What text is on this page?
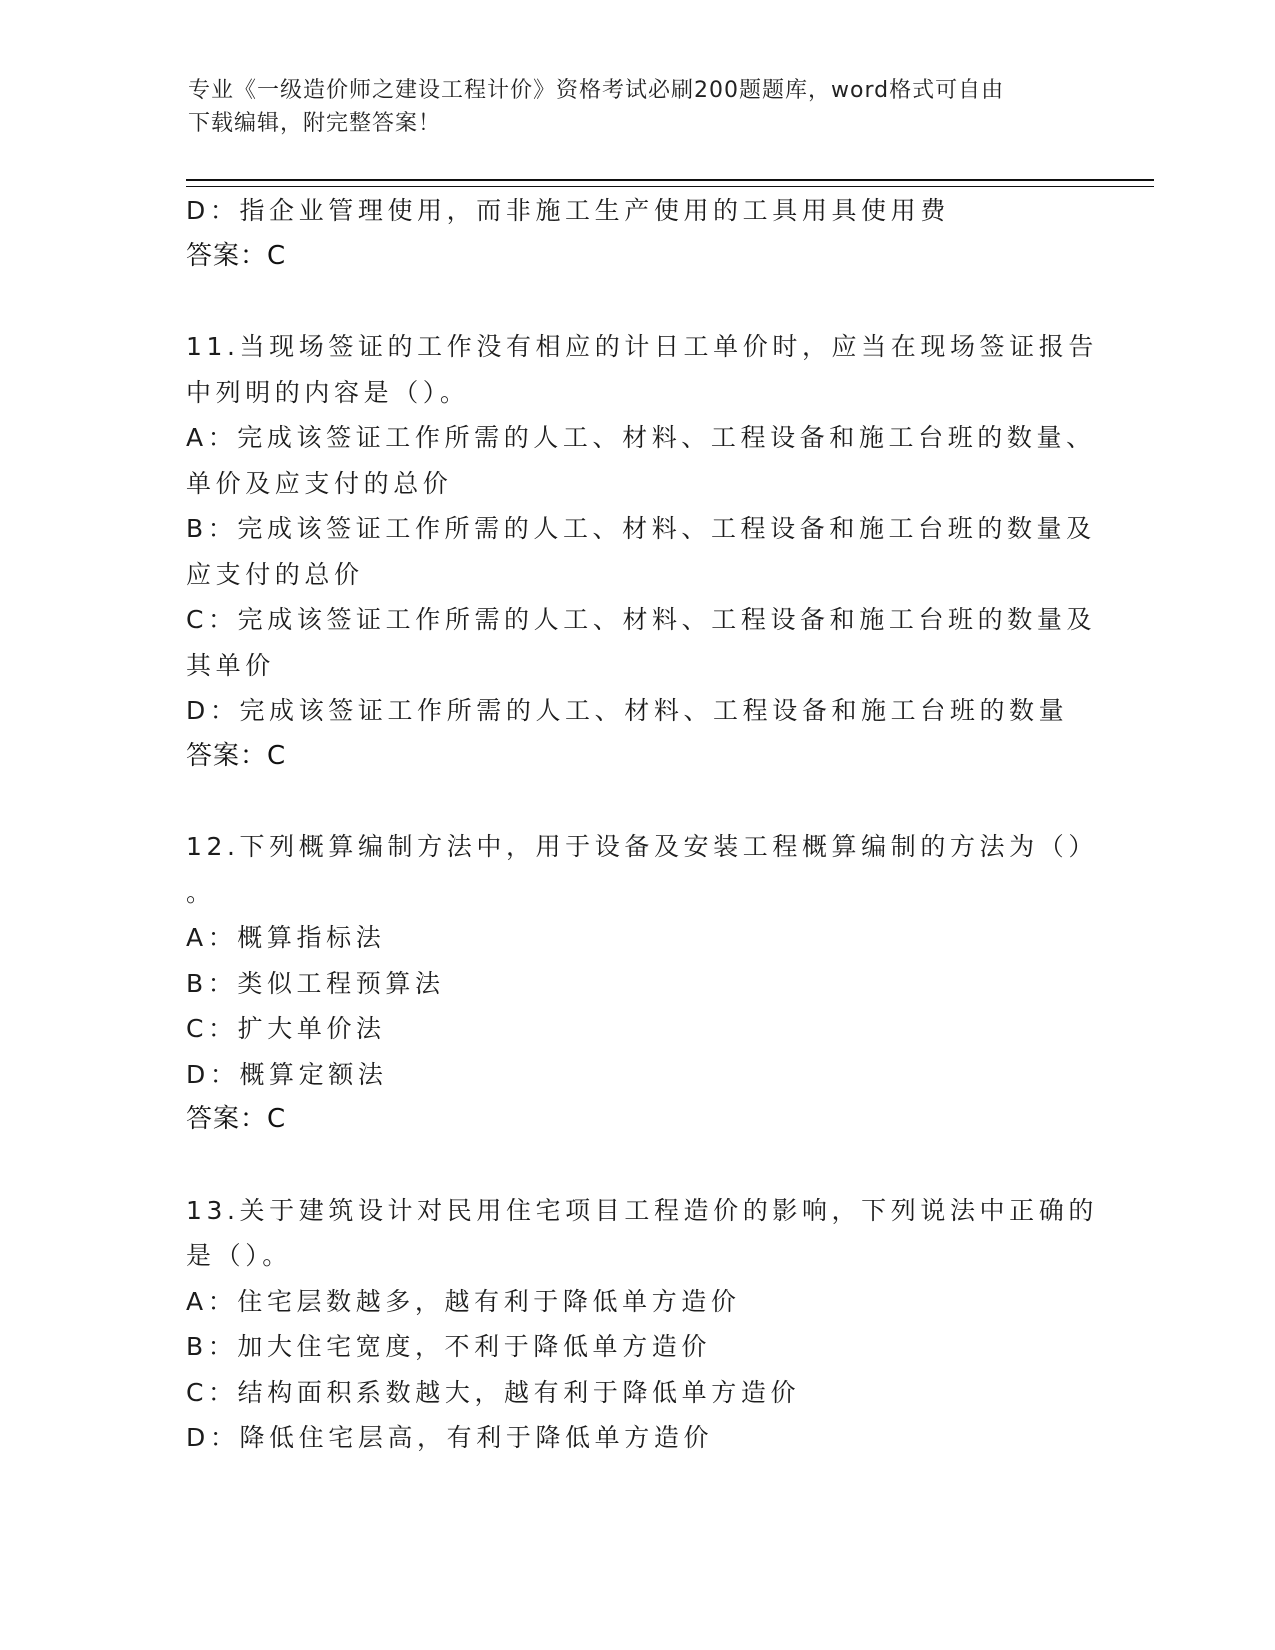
专业《一级造价师之建设工程计价》资格考试必刷200题题库，word格式可自由
下载编辑，附完整答案！
D：指企业管理使用，而非施工生产使用的工具用具使用费
答案：C
11.当现场签证的工作没有相应的计日工单价时，应当在现场签证报告
中列明的内容是（）。
A：完成该签证工作所需的人工、材料、工程设备和施工台班的数量、
单价及应支付的总价
B：完成该签证工作所需的人工、材料、工程设备和施工台班的数量及
应支付的总价
C：完成该签证工作所需的人工、材料、工程设备和施工台班的数量及
其单价
D：完成该签证工作所需的人工、材料、工程设备和施工台班的数量
答案：C
12.下列概算编制方法中，用于设备及安装工程概算编制的方法为（）
。
A：概算指标法
B：类似工程预算法
C：扩大单价法
D：概算定额法
答案：C
13.关于建筑设计对民用住宅项目工程造价的影响，下列说法中正确的
是（）。
A：住宅层数越多，越有利于降低单方造价
B：加大住宅宽度，不利于降低单方造价
C：结构面积系数越大，越有利于降低单方造价
D：降低住宅层高，有利于降低单方造价
